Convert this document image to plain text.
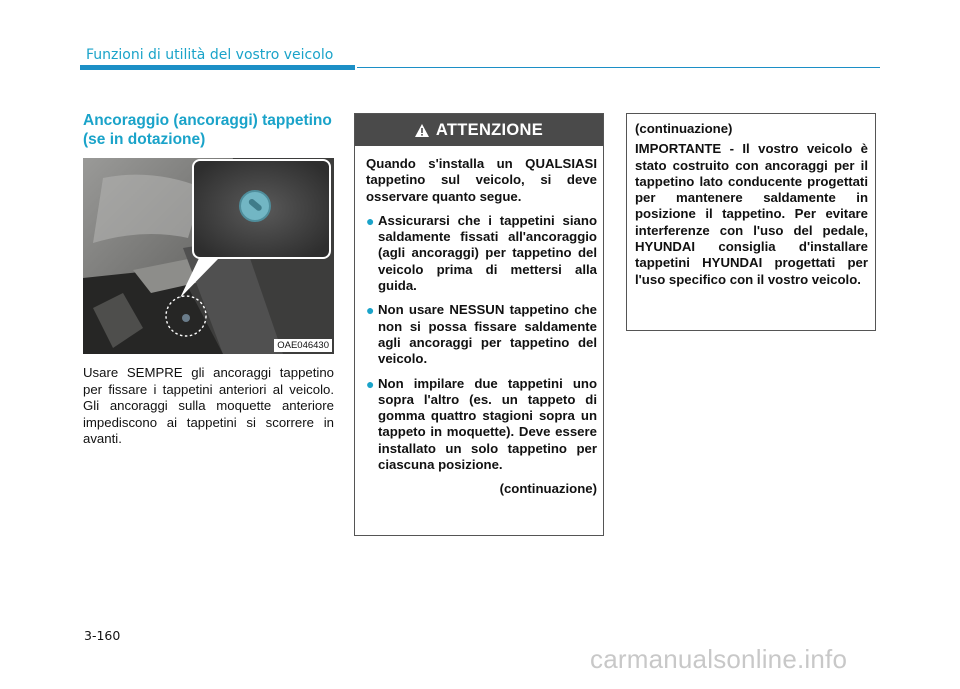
Funzioni di utilità del vostro veicolo
Ancoraggio (ancoraggi) tappetino (se in dotazione)
OAE046430

Usare SEMPRE gli ancoraggi tappetino per fissare i tappetini anteriori al veicolo. Gli ancoraggi sulla moquette anteriore impediscono ai tappetini si scorrere in avanti.

ATTENZIONE

Quando s'installa un QUALSIASI tappetino sul veicolo, si deve osservare quanto segue.

● Assicurarsi che i tappetini siano saldamente fissati all'ancoraggio (agli ancoraggi) per tappetino del veicolo prima di mettersi alla guida.
● Non usare NESSUN tappetino che non si possa fissare saldamente agli ancoraggi per tappetino del veicolo.
● Non impilare due tappetini uno sopra l'altro (es. un tappeto di gomma quattro stagioni sopra un tappeto in moquette). Deve essere installato un solo tappetino per ciascuna posizione.

(continuazione)

(continuazione)

IMPORTANTE - Il vostro veicolo è stato costruito con ancoraggi per il tappetino lato conducente progettati per mantenere saldamente in posizione il tappetino. Per evitare interferenze con l'uso del pedale, HYUNDAI consiglia d'installare tappetini HYUNDAI progettati per l'uso specifico con il vostro veicolo.

3-160
carmanualsonline.info
